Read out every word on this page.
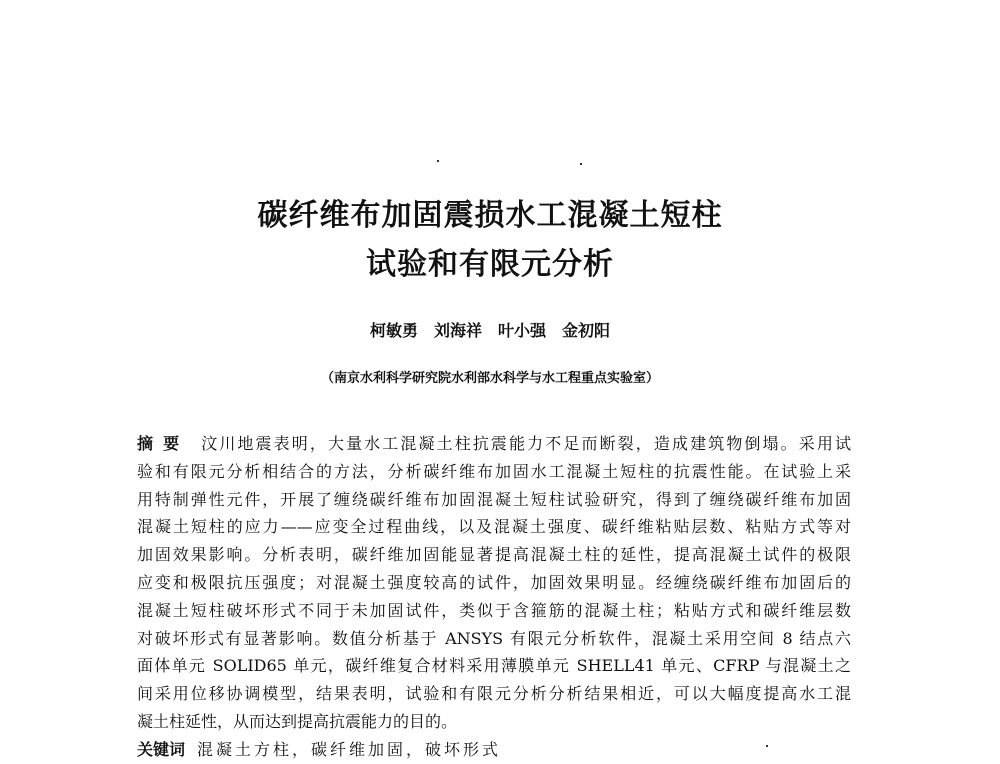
碳纤维布加固震损水工混凝土短柱
试验和有限元分析
柯敏勇　刘海祥　叶小强　金初阳
（南京水利科学研究院水利部水科学与水工程重点实验室）
摘要 汶川地震表明，大量水工混凝土柱抗震能力不足而断裂，造成建筑物倒塌。采用试
验和有限元分析相结合的方法，分析碳纤维布加固水工混凝土短柱的抗震性能。在试验上采
用特制弹性元件，开展了缠绕碳纤维布加固混凝土短柱试验研究，得到了缠绕碳纤维布加固
混凝土短柱的应力——应变全过程曲线，以及混凝土强度、碳纤维粘贴层数、粘贴方式等对
加固效果影响。分析表明，碳纤维加固能显著提高混凝土柱的延性，提高混凝土试件的极限
应变和极限抗压强度；对混凝土强度较高的试件，加固效果明显。经缠绕碳纤维布加固后的
混凝土短柱破坏形式不同于未加固试件，类似于含箍筋的混凝土柱；粘贴方式和碳纤维层数
对破坏形式有显著影响。数值分析基于 ANSYS 有限元分析软件，混凝土采用空间 8 结点六
面体单元 SOLID65 单元，碳纤维复合材料采用薄膜单元 SHELL41 单元、CFRP 与混凝土之
间采用位移协调模型，结果表明，试验和有限元分析分析结果相近，可以大幅度提高水工混
凝土柱延性，从而达到提高抗震能力的目的。
关键词 混凝土方柱，碳纤维加固，破坏形式
